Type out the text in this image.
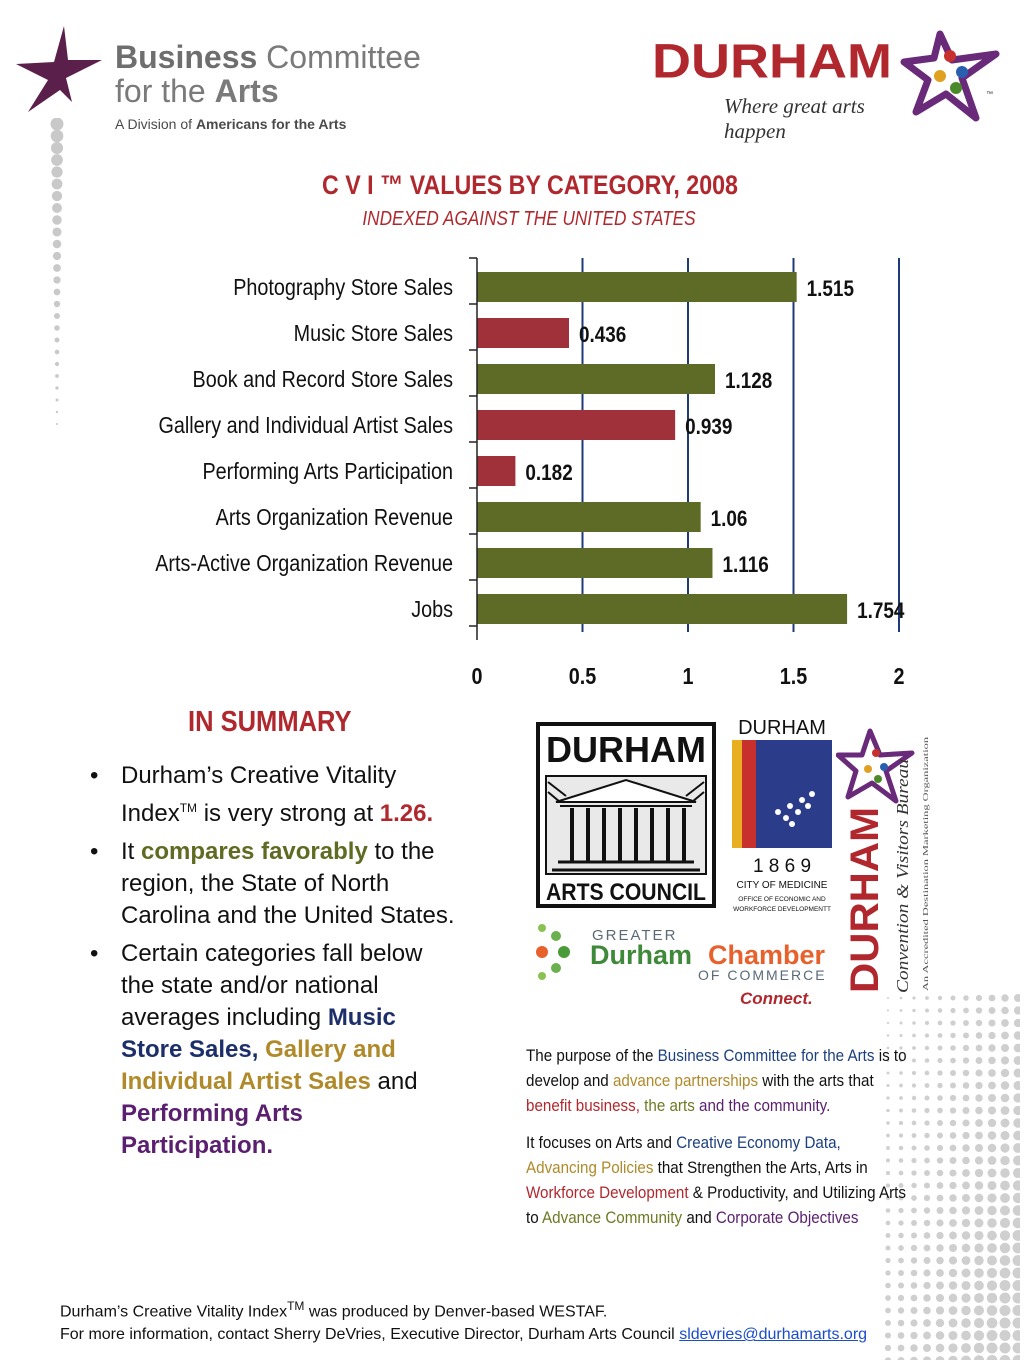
Business Committee
for the Arts
A Division of Americans for the Arts
DURHAM
Where great arts happen
™
C V I ™ VALUES BY CATEGORY, 2008
INDEXED AGAINST THE UNITED STATES
1.515
Photography Store Sales
0.436
Music Store Sales
1.128
Book and Record Store Sales
0.939
Gallery and Individual Artist Sales
0.182
Performing Arts Participation
1.06
Arts Organization Revenue
1.116
Arts-Active Organization Revenue
1.754
Jobs
0	0.5	1	1.5	2
IN SUMMARY
• Durham’s Creative Vitality Index™ is very strong at 1.26.
• It compares favorably to the region, the State of North Carolina and the United States.
• Certain categories fall below the state and/or national averages including Music Store Sales, Gallery and Individual Artist Sales and Performing Arts Participation.
DURHAM
ARTS COUNCIL
DURHAM
1 8 6 9
CITY OF MEDICINE
OFFICE OF ECONOMIC AND
WORKFORCE DEVELOPMENTT
GREATER
Durham Chamber
OF COMMERCE
Connect.
DURHAM Convention & Visitors Bureau An Accredited Destination Marketing Organization

The purpose of the Business Committee for the Arts is to develop and advance partnerships with the arts that benefit business, the arts and the community.

It focuses on Arts and Creative Economy Data,
Advancing Policies that Strengthen the Arts, Arts in Workforce Development & Productivity, and Utilizing Arts to Advance Community and Corporate Objectives

Durham’s Creative Vitality Index™ was produced by Denver-based WESTAF.
For more information, contact Sherry DeVries, Executive Director, Durham Arts Council sldevries@durhamarts.org
